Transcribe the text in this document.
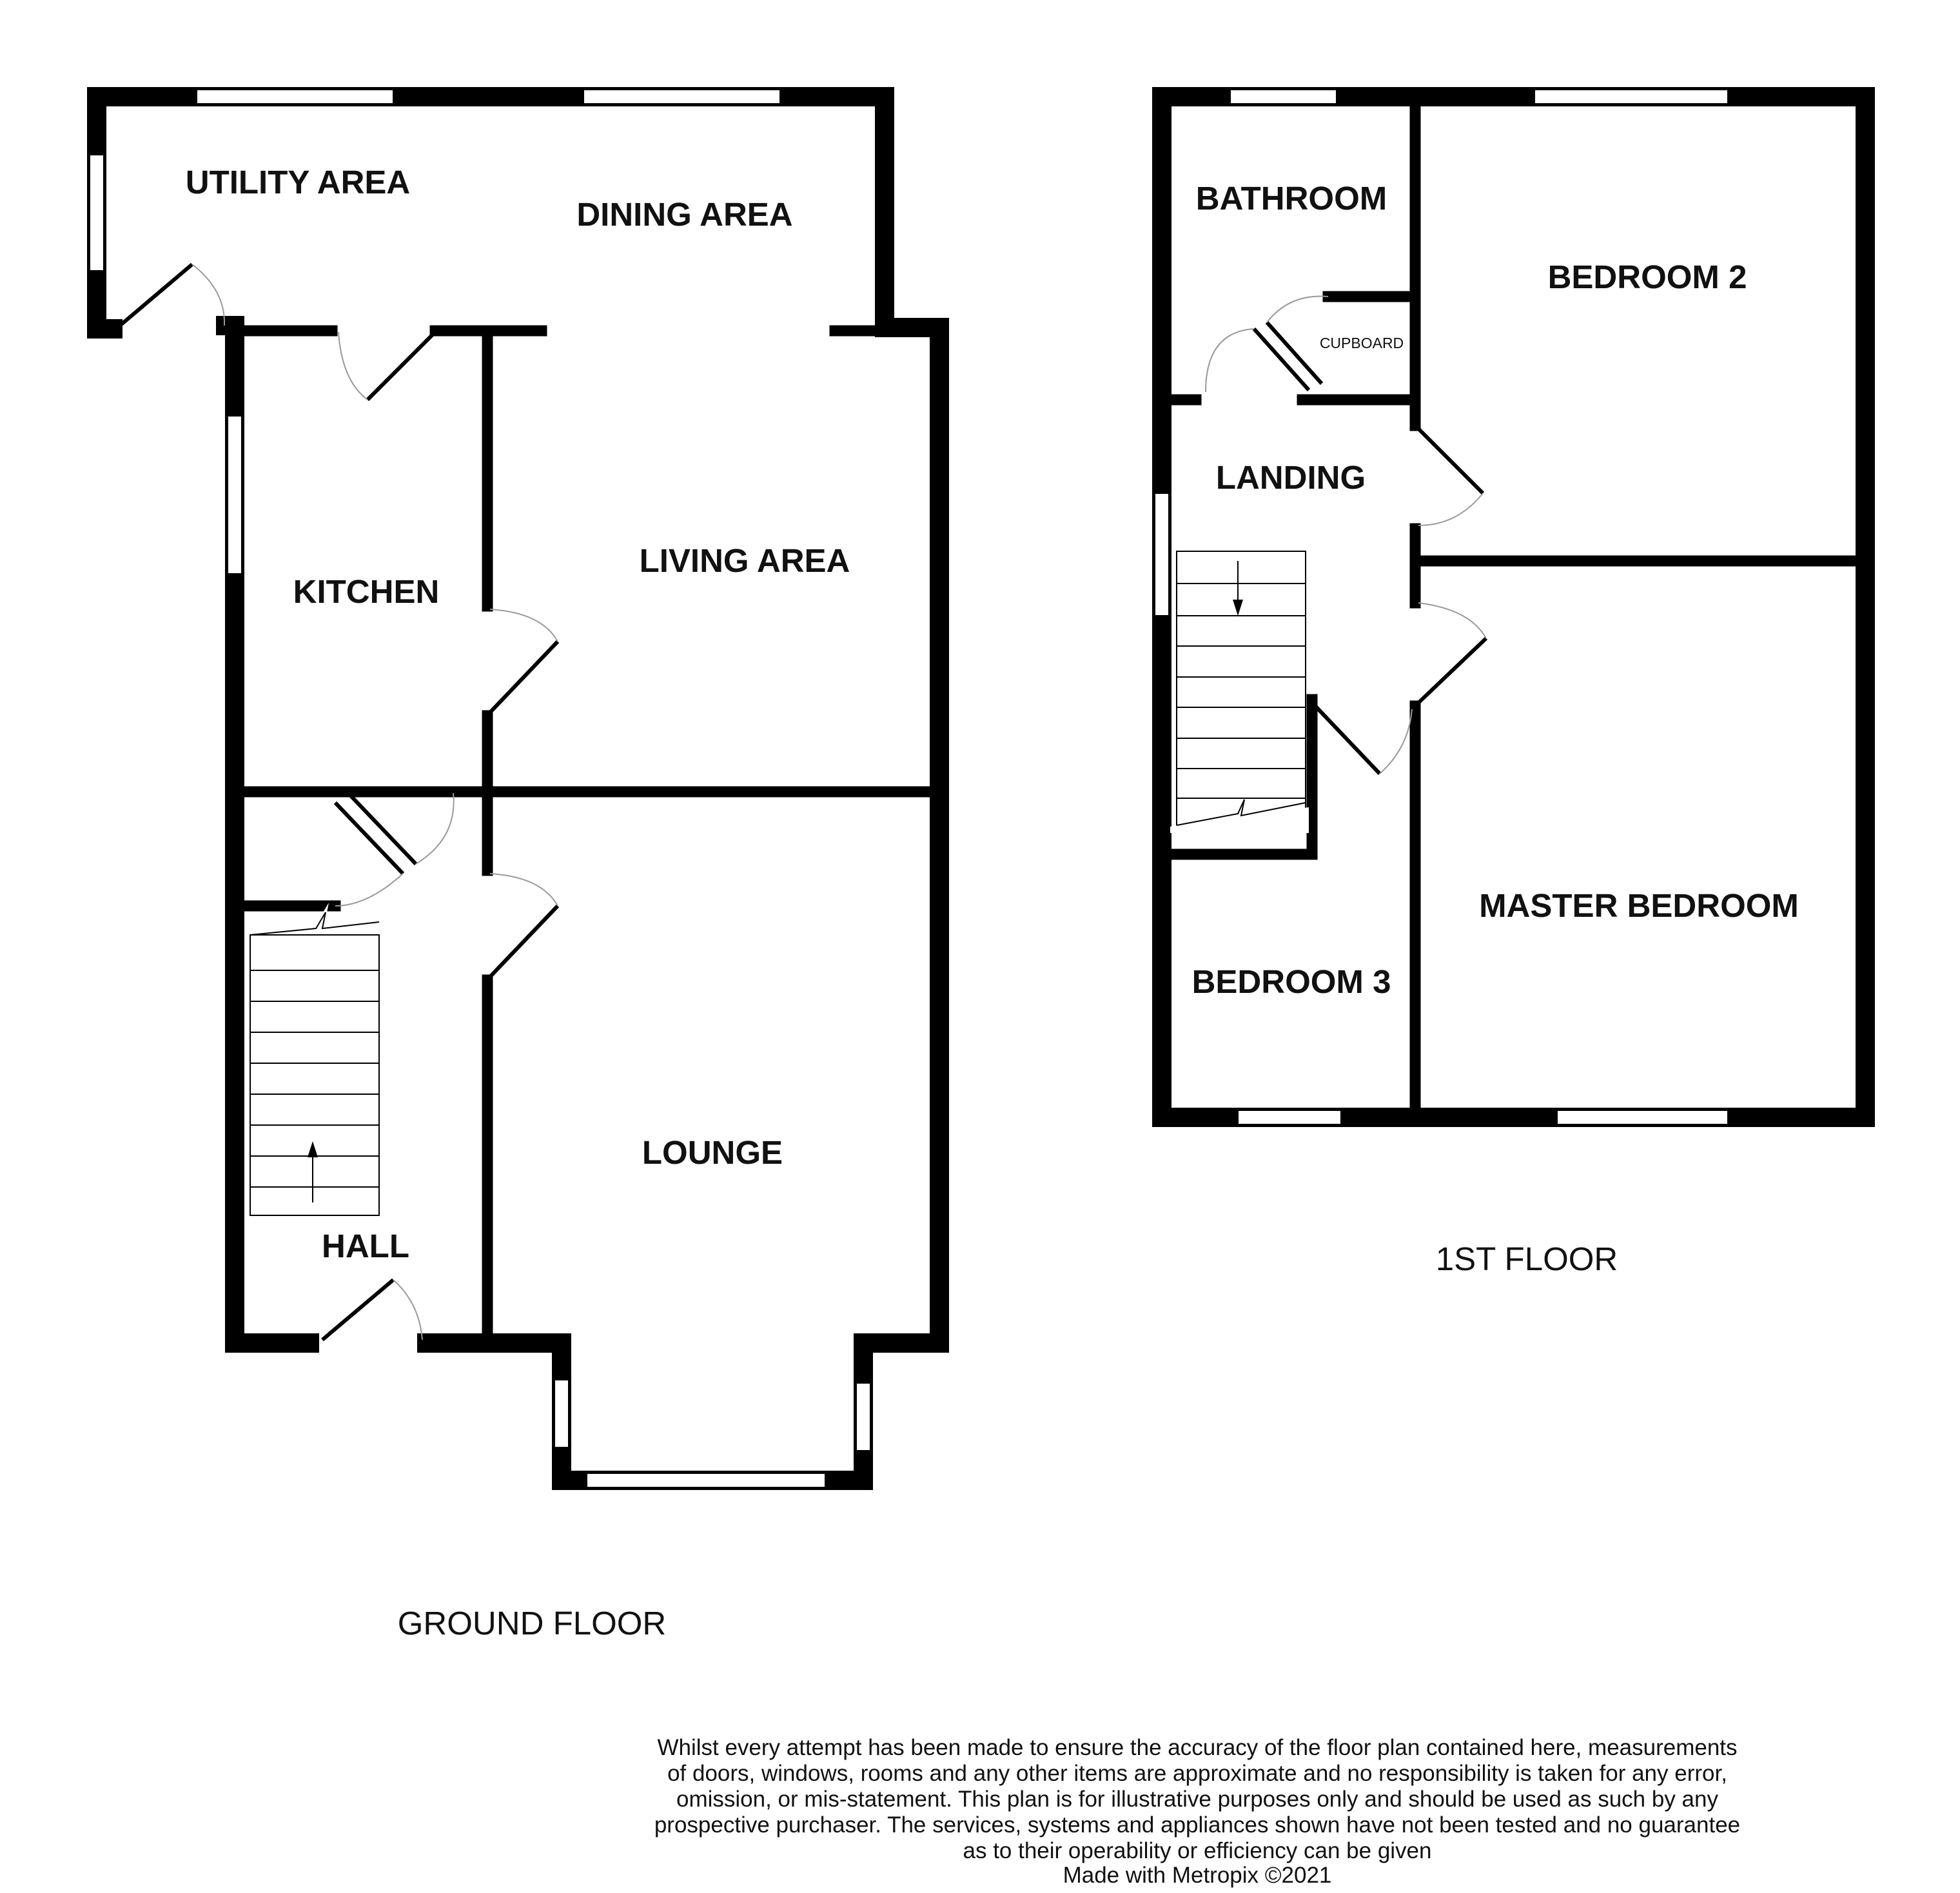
UTILITY AREA
DINING AREA
KITCHEN
LIVING AREA
LOUNGE
HALL
GROUND FLOOR
BATHROOM
CUPBOARD
BEDROOM 2
LANDING
MASTER BEDROOM
BEDROOM 3
1ST FLOOR
Whilst every attempt has been made to ensure the accuracy of the floor plan contained here, measurements
of doors, windows, rooms and any other items are approximate and no responsibility is taken for any error,
omission, or mis-statement. This plan is for illustrative purposes only and should be used as such by any
prospective purchaser. The services, systems and appliances shown have not been tested and no guarantee
as to their operability or efficiency can be given
Made with Metropix ©2021
